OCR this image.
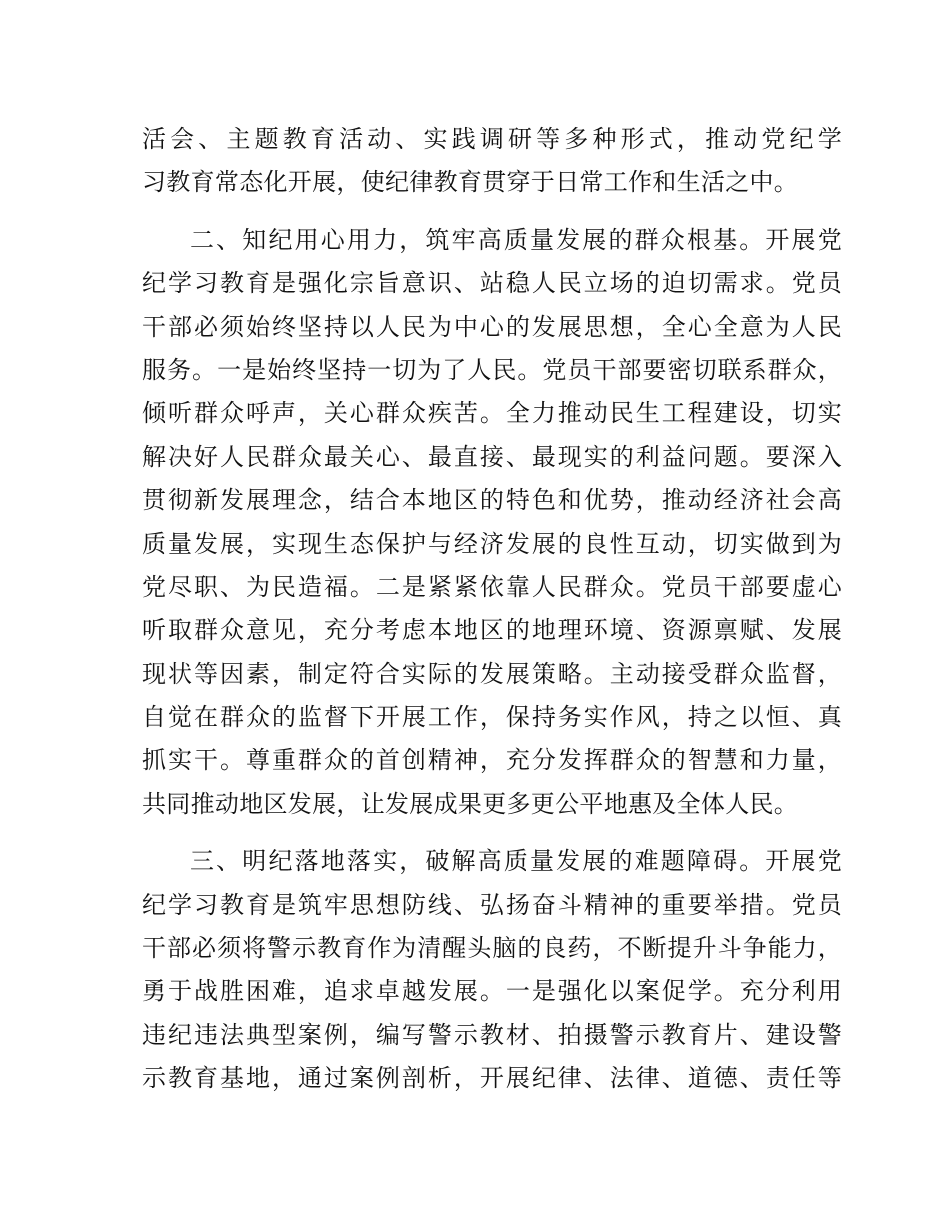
活会、主题教育活动、实践调研等多种形式，推动党纪学
习教育常态化开展，使纪律教育贯穿于日常工作和生活之中。
二、知纪用心用力，筑牢高质量发展的群众根基。开展党
纪学习教育是强化宗旨意识、站稳人民立场的迫切需求。党员
干部必须始终坚持以人民为中心的发展思想，全心全意为人民
服务。一是始终坚持一切为了人民。党员干部要密切联系群众，
倾听群众呼声，关心群众疾苦。全力推动民生工程建设，切实
解决好人民群众最关心、最直接、最现实的利益问题。要深入
贯彻新发展理念，结合本地区的特色和优势，推动经济社会高
质量发展，实现生态保护与经济发展的良性互动，切实做到为
党尽职、为民造福。二是紧紧依靠人民群众。党员干部要虚心
听取群众意见，充分考虑本地区的地理环境、资源禀赋、发展
现状等因素，制定符合实际的发展策略。主动接受群众监督，
自觉在群众的监督下开展工作，保持务实作风，持之以恒、真
抓实干。尊重群众的首创精神，充分发挥群众的智慧和力量，
共同推动地区发展，让发展成果更多更公平地惠及全体人民。
三、明纪落地落实，破解高质量发展的难题障碍。开展党
纪学习教育是筑牢思想防线、弘扬奋斗精神的重要举措。党员
干部必须将警示教育作为清醒头脑的良药，不断提升斗争能力，
勇于战胜困难，追求卓越发展。一是强化以案促学。充分利用
违纪违法典型案例，编写警示教材、拍摄警示教育片、建设警
示教育基地，通过案例剖析，开展纪律、法律、道德、责任等
